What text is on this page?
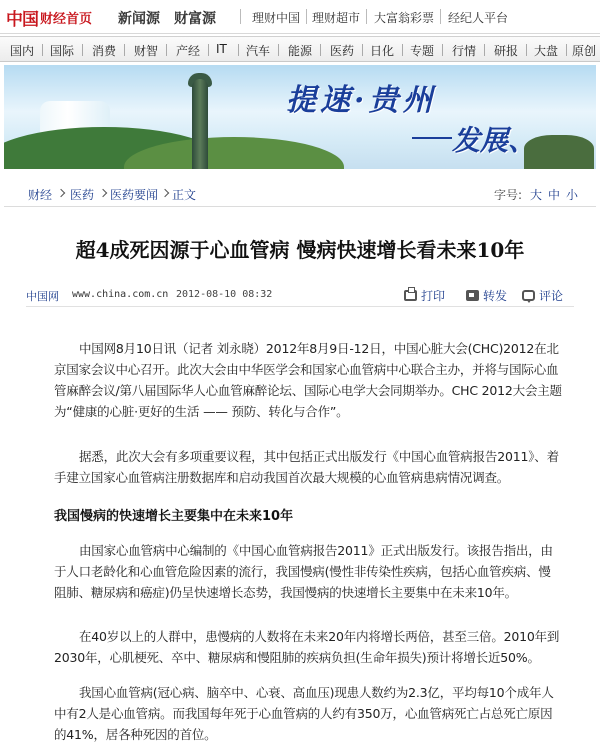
中国 财经首页 新闻源 财富源	理财中国 理财超市 大富翁彩票 经纪人平台
国内 国际 消费 财智 产经 IT 汽车 能源 医药 日化 专题 行情 研报 大盘 原创
提速·贵州
发展、
财经 医药 医药要闻 正文	字号: 大 中 小
超4成死因源于心血管病 慢病快速增长看未来10年
中国网 www.china.com.cn 2012-08-10 08:32	打印	转发	评论

中国网8月10日讯（记者 刘永晓）2012年8月9日-12日，中国心脏大会(CHC)2012在北京国家会议中心召开。此次大会由中华医学会和国家心血管病中心联合主办，并将与国际心血管麻醉会议/第八届国际华人心血管麻醉论坛、国际心电学大会同期举办。CHC 2012大会主题为“健康的心脏·更好的生活 —— 预防、转化与合作”。

据悉，此次大会有多项重要议程，其中包括正式出版发行《中国心血管病报告2011》、着手建立国家心血管病注册数据库和启动我国首次最大规模的心血管病患病情况调查。

我国慢病的快速增长主要集中在未来10年

由国家心血管病中心编制的《中国心血管病报告2011》正式出版发行。该报告指出，由于人口老龄化和心血管危险因素的流行，我国慢病(慢性非传染性疾病，包括心血管疾病、慢阻肺、糖尿病和癌症)仍呈快速增长态势，我国慢病的快速增长主要集中在未来10年。

在40岁以上的人群中，患慢病的人数将在未来20年内将增长两倍，甚至三倍。2010年到2030年，心肌梗死、卒中、糖尿病和慢阻肺的疾病负担(生命年损失)预计将增长近50%。

我国心血管病(冠心病、脑卒中、心衰、高血压)现患人数约为2.3亿，平均每10个成年人中有2人是心血管病。而我国每年死于心血管病的人约有350万，心血管病死亡占总死亡原因的41%，居各种死因的首位。
